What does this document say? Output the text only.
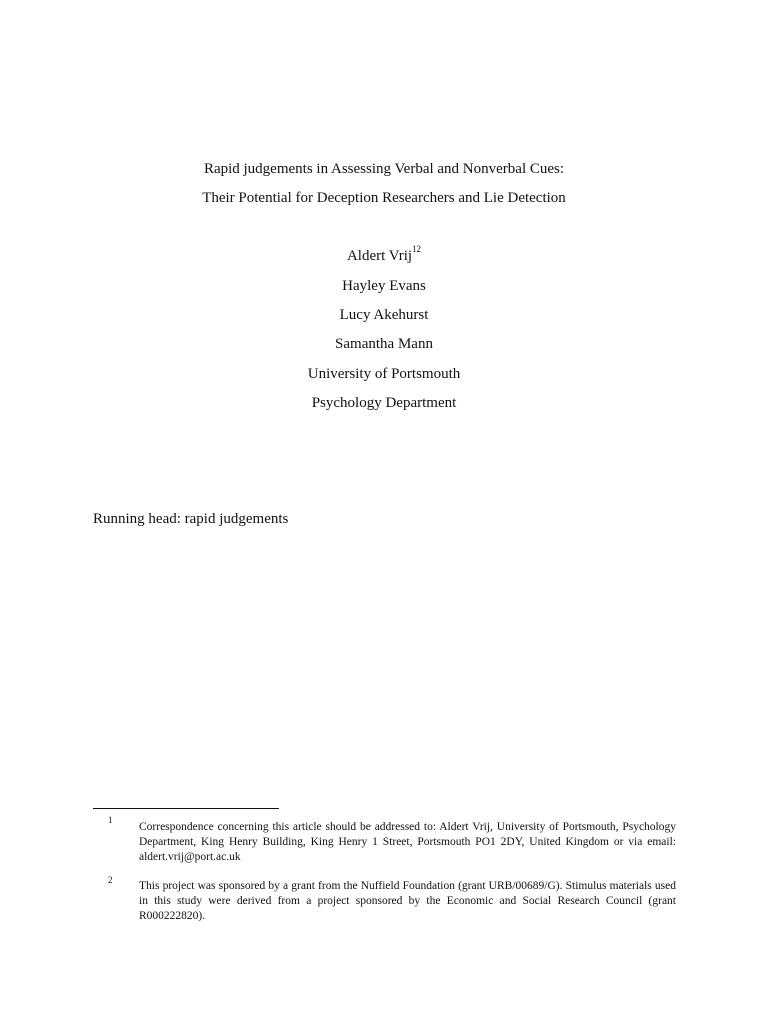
Rapid judgements in Assessing Verbal and Nonverbal Cues:
Their Potential for Deception Researchers and Lie Detection
Aldert Vrij$^{12}$
Hayley Evans
Lucy Akehurst
Samantha Mann
University of Portsmouth
Psychology Department
Running head: rapid judgements
1
Correspondence concerning this article should be addressed to: Aldert Vrij, University of Portsmouth, Psychology Department, King Henry Building, King Henry 1 Street, Portsmouth PO1 2DY, United Kingdom or via email: aldert.vrij@port.ac.uk
2 This project was sponsored by a grant from the Nuffield Foundation (grant URB/00689/G). Stimulus materials used in this study were derived from a project sponsored by the Economic and Social Research Council (grant R000222820).
